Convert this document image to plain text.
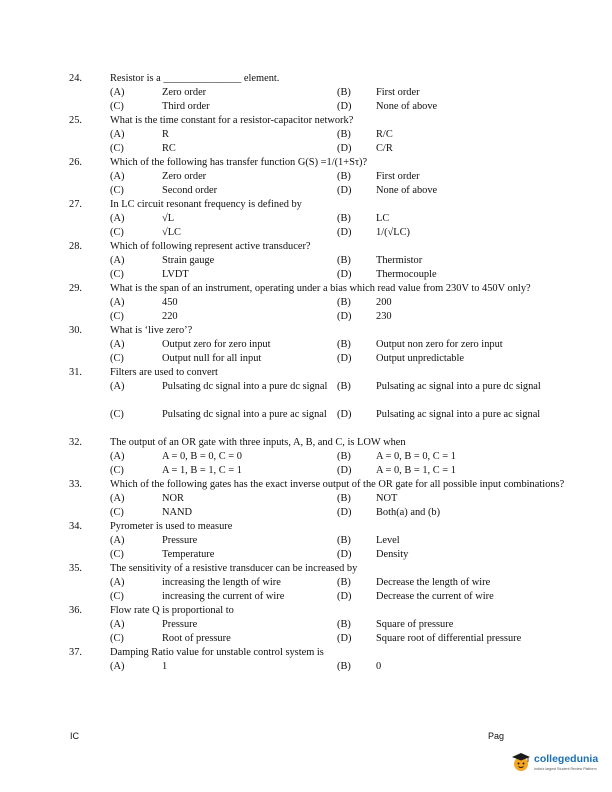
24.	Resistor is a _______________ element.
(A)	Zero order	(B) First order
(C)	Third order	(D) None of above
25.	What is the time constant for a resistor-capacitor network?
(A)	R	(B) R/C
(C)	RC	(D) C/R
26.	Which of the following has transfer function G(S) =1/(1+Sτ)?
(A)	Zero order	(B) First order
(C)	Second order	(D) None of above
27.	In LC circuit resonant frequency is defined by
(A)	√L	(B) LC
(C)	√LC	(D) 1/(√LC)
28.	Which of following represent active transducer?
(A)	Strain gauge	(B) Thermistor
(C)	LVDT	(D) Thermocouple
29.	What is the span of an instrument, operating under a bias which read value from 230V to 450V only?
(A)	450	(B) 200
(C)	220	(D) 230
30.	What is ‘live zero’?
(A)	Output zero for zero input	(B) Output non zero for zero input
(C)	Output null for all input	(D) Output unpredictable
31.	Filters are used to convert
(A)	Pulsating dc signal into a pure dc signal (B) Pulsating ac signal into a pure dc signal
(C)	Pulsating dc signal into a pure ac signal (D) Pulsating ac signal into a pure ac signal
32.	The output of an OR gate with three inputs, A, B, and C, is LOW when
(A)	A = 0, B = 0, C = 0	(B) A = 0, B = 0, C = 1
(C)	A = 1, B = 1, C = 1	(D) A = 0, B = 1, C = 1
33.	Which of the following gates has the exact inverse output of the OR gate for all possible input combinations?
(A)	NOR	(B) NOT
(C)	NAND	(D) Both(a) and (b)
34.	Pyrometer is used to measure
(A)	Pressure	(B) Level
(C)	Temperature	(D) Density
35.	The sensitivity of a resistive transducer can be increased by
(A)	increasing the length of wire	(B) Decrease the length of wire
(C)	increasing the current of wire	(D) Decrease the current of wire
36.	Flow rate Q is proportional to
(A)	Pressure	(B) Square of pressure
(C)	Root of pressure	(D) Square root of differential pressure
37.	Damping Ratio value for unstable control system is
(A)	1	(B) 0
IC	Pag
collegedunia
India's largest Student Review Platform
